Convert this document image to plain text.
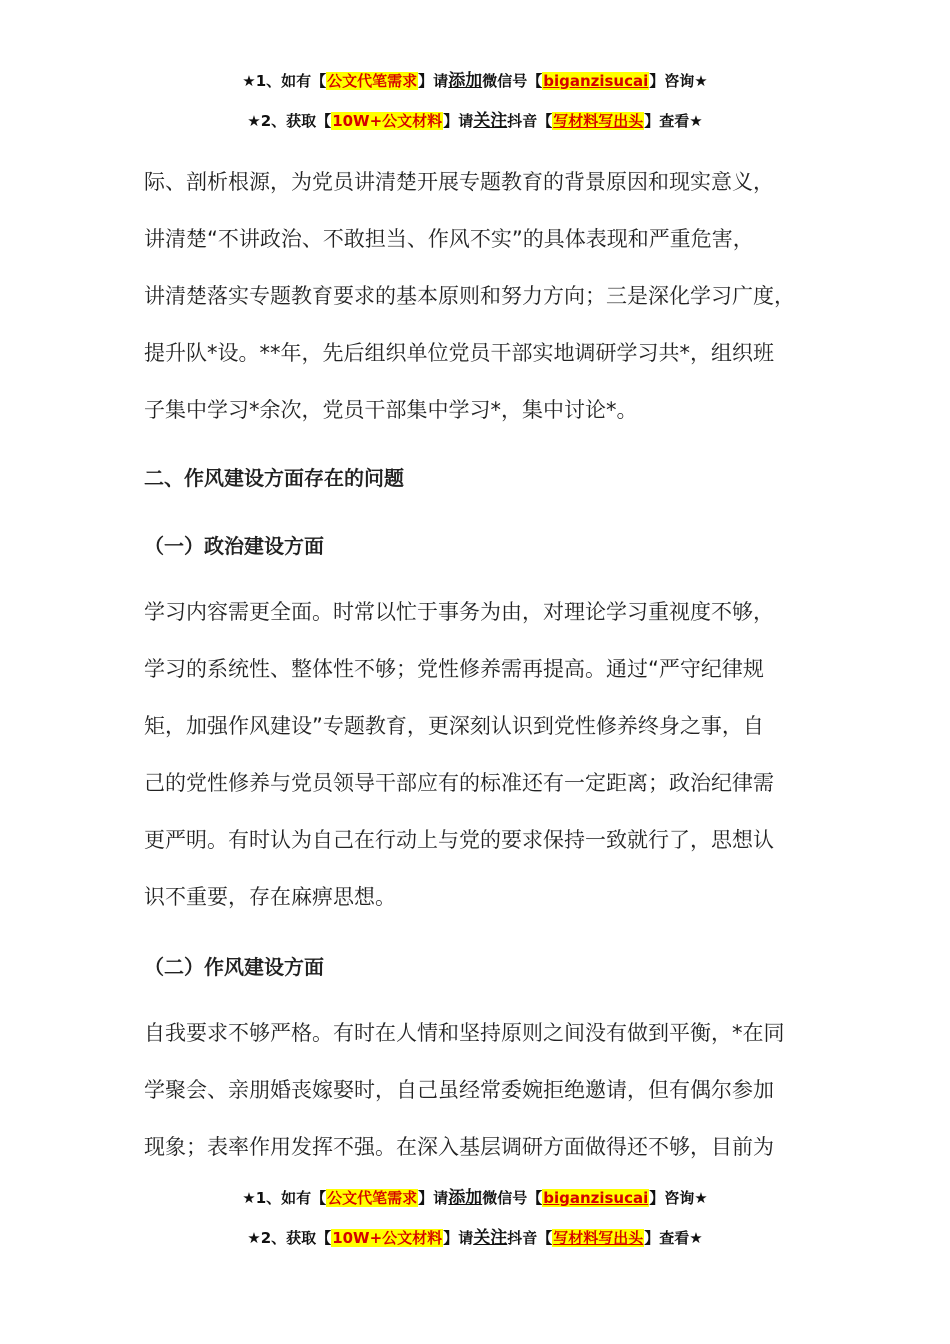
★1、如有【公文代笔需求】请添加微信号【biganzisucai】咨询★
★2、获取【10W+公文材料】请关注抖音【写材料写出头】查看★
际、剖析根源，为党员讲清楚开展专题教育的背景原因和现实意义，
讲清楚“不讲政治、不敢担当、作风不实”的具体表现和严重危害，
讲清楚落实专题教育要求的基本原则和努力方向；三是深化学习广度，
提升队*设。**年，先后组织单位党员干部实地调研学习共*，组织班
子集中学习*余次，党员干部集中学习*，集中讨论*。
二、作风建设方面存在的问题
（一）政治建设方面
学习内容需更全面。时常以忙于事务为由，对理论学习重视度不够，
学习的系统性、整体性不够；党性修养需再提高。通过“严守纪律规
矩，加强作风建设”专题教育，更深刻认识到党性修养终身之事，自
己的党性修养与党员领导干部应有的标准还有一定距离；政治纪律需
更严明。有时认为自己在行动上与党的要求保持一致就行了，思想认
识不重要，存在麻痹思想。
（二）作风建设方面
自我要求不够严格。有时在人情和坚持原则之间没有做到平衡，*在同
学聚会、亲朋婚丧嫁娶时，自己虽经常委婉拒绝邀请，但有偶尔参加
现象；表率作用发挥不强。在深入基层调研方面做得还不够，目前为
★1、如有【公文代笔需求】请添加微信号【biganzisucai】咨询★
★2、获取【10W+公文材料】请关注抖音【写材料写出头】查看★
